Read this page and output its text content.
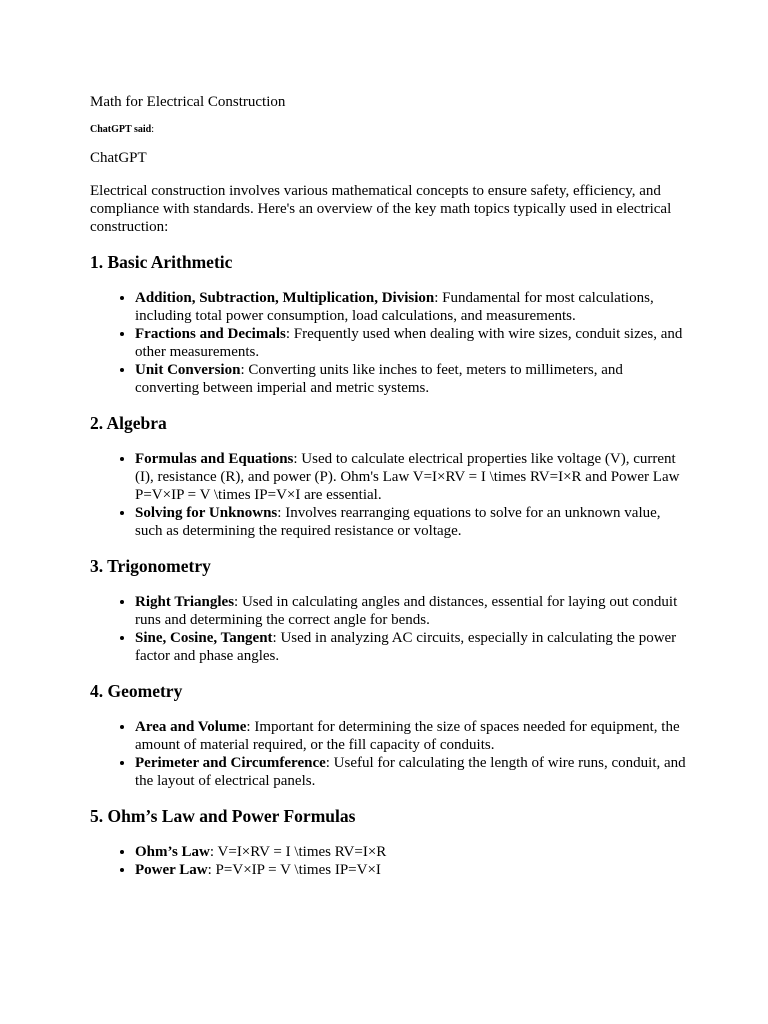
Math for Electrical Construction
ChatGPT said:
ChatGPT
Electrical construction involves various mathematical concepts to ensure safety, efficiency, and compliance with standards. Here's an overview of the key math topics typically used in electrical construction:
1. Basic Arithmetic
• Addition, Subtraction, Multiplication, Division: Fundamental for most calculations, including total power consumption, load calculations, and measurements.
• Fractions and Decimals: Frequently used when dealing with wire sizes, conduit sizes, and other measurements.
• Unit Conversion: Converting units like inches to feet, meters to millimeters, and converting between imperial and metric systems.
2. Algebra
• Formulas and Equations: Used to calculate electrical properties like voltage (V), current (I), resistance (R), and power (P). Ohm's Law V=I×RV = I \times RV=I×R and Power Law P=V×IP = V \times IP=V×I are essential.
• Solving for Unknowns: Involves rearranging equations to solve for an unknown value, such as determining the required resistance or voltage.
3. Trigonometry
• Right Triangles: Used in calculating angles and distances, essential for laying out conduit runs and determining the correct angle for bends.
• Sine, Cosine, Tangent: Used in analyzing AC circuits, especially in calculating the power factor and phase angles.
4. Geometry
• Area and Volume: Important for determining the size of spaces needed for equipment, the amount of material required, or the fill capacity of conduits.
• Perimeter and Circumference: Useful for calculating the length of wire runs, conduit, and the layout of electrical panels.
5. Ohm’s Law and Power Formulas
• Ohm’s Law: V=I×RV = I \times RV=I×R
• Power Law: P=V×IP = V \times IP=V×I
